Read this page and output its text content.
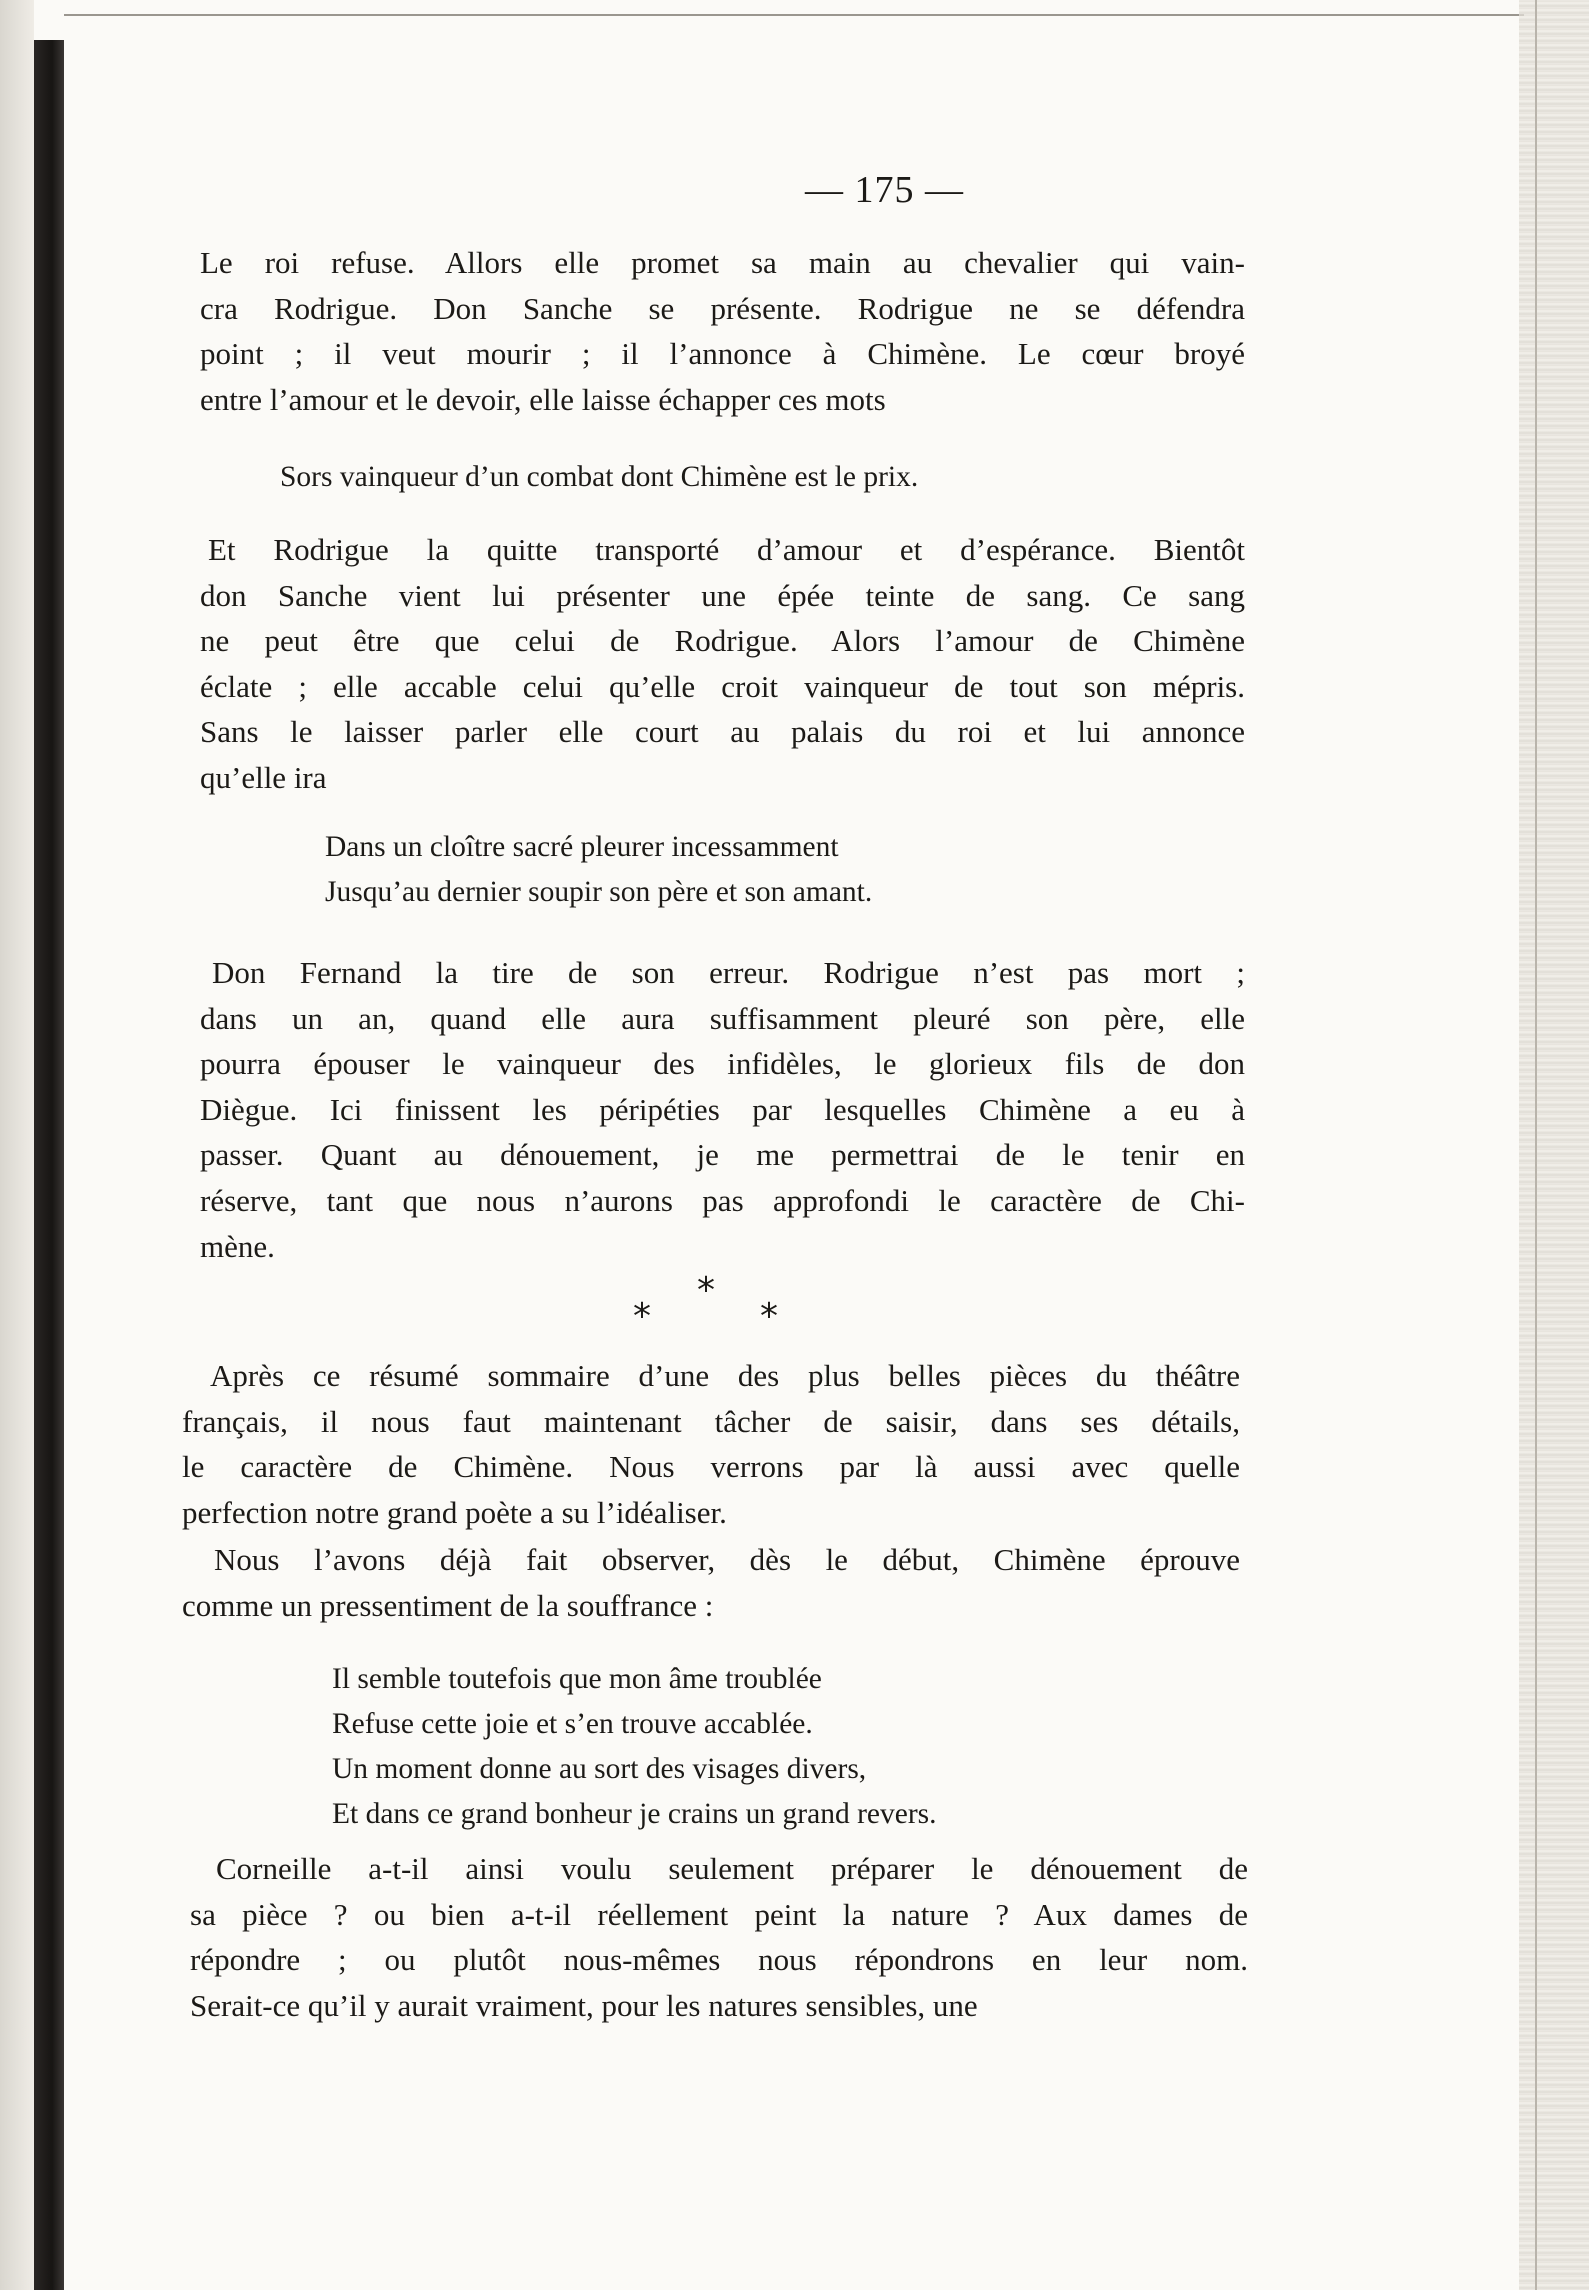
— 175 —
Le roi refuse. Allors elle promet sa main au chevalier qui vain-
cra Rodrigue. Don Sanche se présente. Rodrigue ne se défendra
point ; il veut mourir ; il l’annonce à Chimène. Le cœur broyé
entre l’amour et le devoir, elle laisse échapper ces mots
Sors vainqueur d’un combat dont Chimène est le prix.
Et Rodrigue la quitte transporté d’amour et d’espérance. Bientôt
don Sanche vient lui présenter une épée teinte de sang. Ce sang
ne peut être que celui de Rodrigue. Alors l’amour de Chimène
éclate ; elle accable celui qu’elle croit vainqueur de tout son mépris.
Sans le laisser parler elle court au palais du roi et lui annonce
qu’elle ira
Dans un cloître sacré pleurer incessamment
Jusqu’au dernier soupir son père et son amant.
Don Fernand la tire de son erreur. Rodrigue n’est pas mort ;
dans un an, quand elle aura suffisamment pleuré son père, elle
pourra épouser le vainqueur des infidèles, le glorieux fils de don
Diègue. Ici finissent les péripéties par lesquelles Chimène a eu à
passer. Quant au dénouement, je me permettrai de le tenir en
réserve, tant que nous n’aurons pas approfondi le caractère de Chi-
mène.
*
*	*
Après ce résumé sommaire d’une des plus belles pièces du théâtre
français, il nous faut maintenant tâcher de saisir, dans ses détails,
le caractère de Chimène. Nous verrons par là aussi avec quelle
perfection notre grand poète a su l’idéaliser.
Nous l’avons déjà fait observer, dès le début, Chimène éprouve
comme un pressentiment de la souffrance :
Il semble toutefois que mon âme troublée
Refuse cette joie et s’en trouve accablée.
Un moment donne au sort des visages divers,
Et dans ce grand bonheur je crains un grand revers.
Corneille a-t-il ainsi voulu seulement préparer le dénouement de
sa pièce ? ou bien a-t-il réellement peint la nature ? Aux dames de
répondre ; ou plutôt nous-mêmes nous répondrons en leur nom.
Serait-ce qu’il y aurait vraiment, pour les natures sensibles, une
